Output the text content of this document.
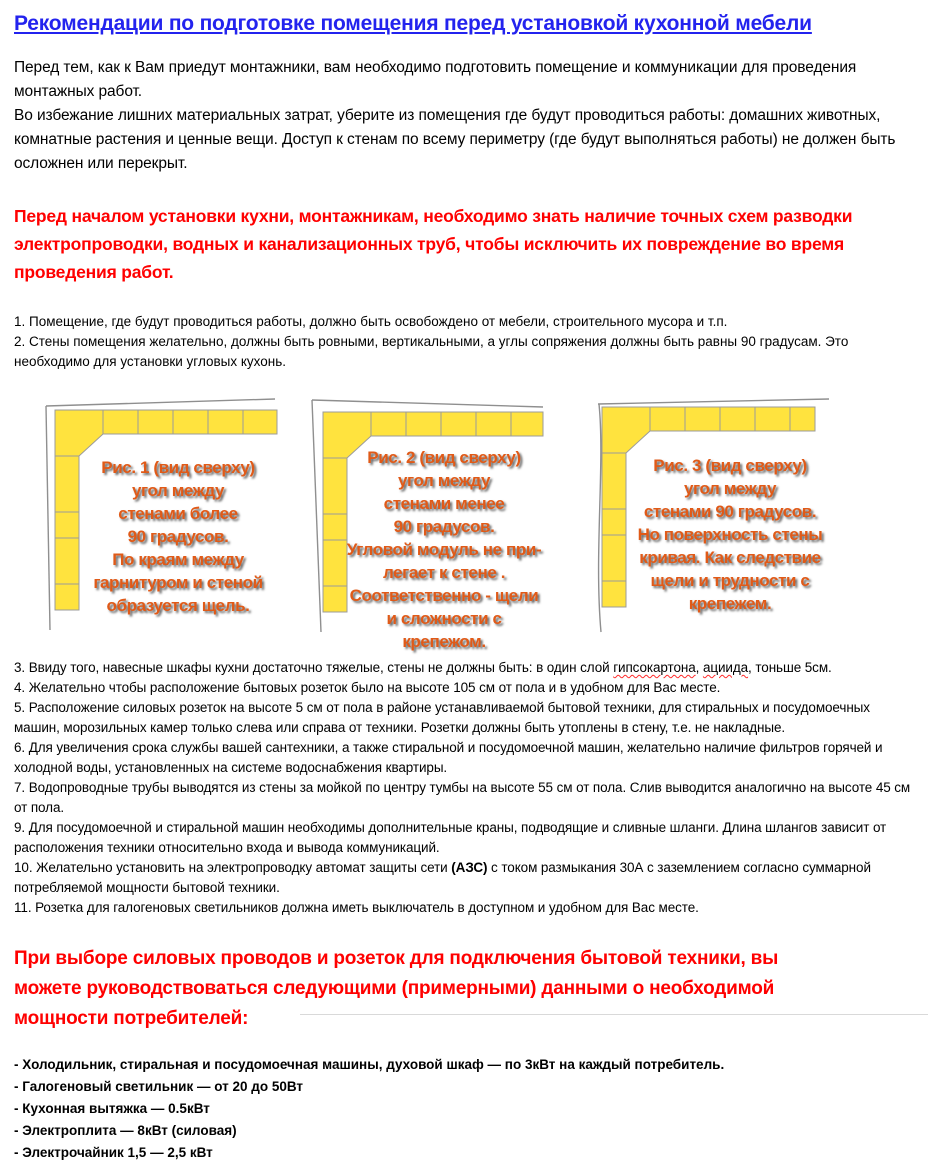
Рекомендации по подготовке помещения перед установкой кухонной мебели

Перед тем, как к Вам приедут монтажники, вам необходимо подготовить помещение и коммуникации для проведения монтажных работ.

Во избежание лишних материальных затрат, уберите из помещения где будут проводиться работы: домашних животных, комнатные растения и ценные вещи. Доступ к стенам по всему периметру (где будут выполняться работы) не должен быть осложнен или перекрыт.

Перед началом установки кухни, монтажникам, необходимо знать наличие точных схем разводки электропроводки, водных и канализационных труб, чтобы исключить их повреждение во время проведения работ.

1. Помещение, где будут проводиться работы, должно быть освобождено от мебели, строительного мусора и т.п.
2. Стены помещения желательно, должны быть ровными, вертикальными, а углы сопряжения должны быть равны 90 градусам. Это необходимо для установки угловых кухонь.
Рис. 1 (вид сверху)
угол между
стенами более
90 градусов.
По краям между
гарнитуром и стеной
образуется щель.
Рис. 2 (вид сверху)
угол между
стенами менее
90 градусов.
Угловой модуль не при-
легает к стене .
Соответственно - щели
и сложности с
крепежом.
Рис. 3 (вид сверху)
угол между
стенами 90 градусов.
Но поверхность стены
кривая. Как следствие
щели и трудности с
крепежем.
3. Ввиду того, навесные шкафы кухни достаточно тяжелые, стены не должны быть: в один слой гипсокартона, ациида, тоньше 5см.
4. Желательно чтобы расположение бытовых розеток было на высоте 105 см от пола и в удобном для Вас месте.
5. Расположение силовых розеток на высоте 5 см от пола в районе устанавливаемой бытовой техники, для стиральных и посудомоечных машин, морозильных камер только слева или справа от техники. Розетки должны быть утоплены в стену, т.е. не накладные.
6. Для увеличения срока службы вашей сантехники, а также стиральной и посудомоечной машин, желательно наличие фильтров горячей и холодной воды, установленных на системе водоснабжения квартиры.
7. Водопроводные трубы выводятся из стены за мойкой по центру тумбы на высоте 55 см от пола. Слив выводится аналогично на высоте 45 см от пола.
9. Для посудомоечной и стиральной машин необходимы дополнительные краны, подводящие и сливные шланги. Длина шлангов зависит от расположения техники относительно входа и вывода коммуникаций.
10. Желательно установить на электропроводку автомат защиты сети (АЗС) с током размыкания 30А с заземлением согласно суммарной потребляемой мощности бытовой техники.
11. Розетка для галогеновых светильников должна иметь выключатель в доступном и удобном для Вас месте.

При выборе силовых проводов и розеток для подключения бытовой техники, вы можете руководствоваться следующими (примерными) данными о необходимой мощности потребителей:

- Холодильник, стиральная и посудомоечная машины, духовой шкаф — по 3кВт на каждый потребитель.
- Галогеновый светильник — от 20 до 50Вт
- Кухонная вытяжка — 0.5кВт
- Электроплита — 8кВт (силовая)
- Электрочайник 1,5 — 2,5 кВт
